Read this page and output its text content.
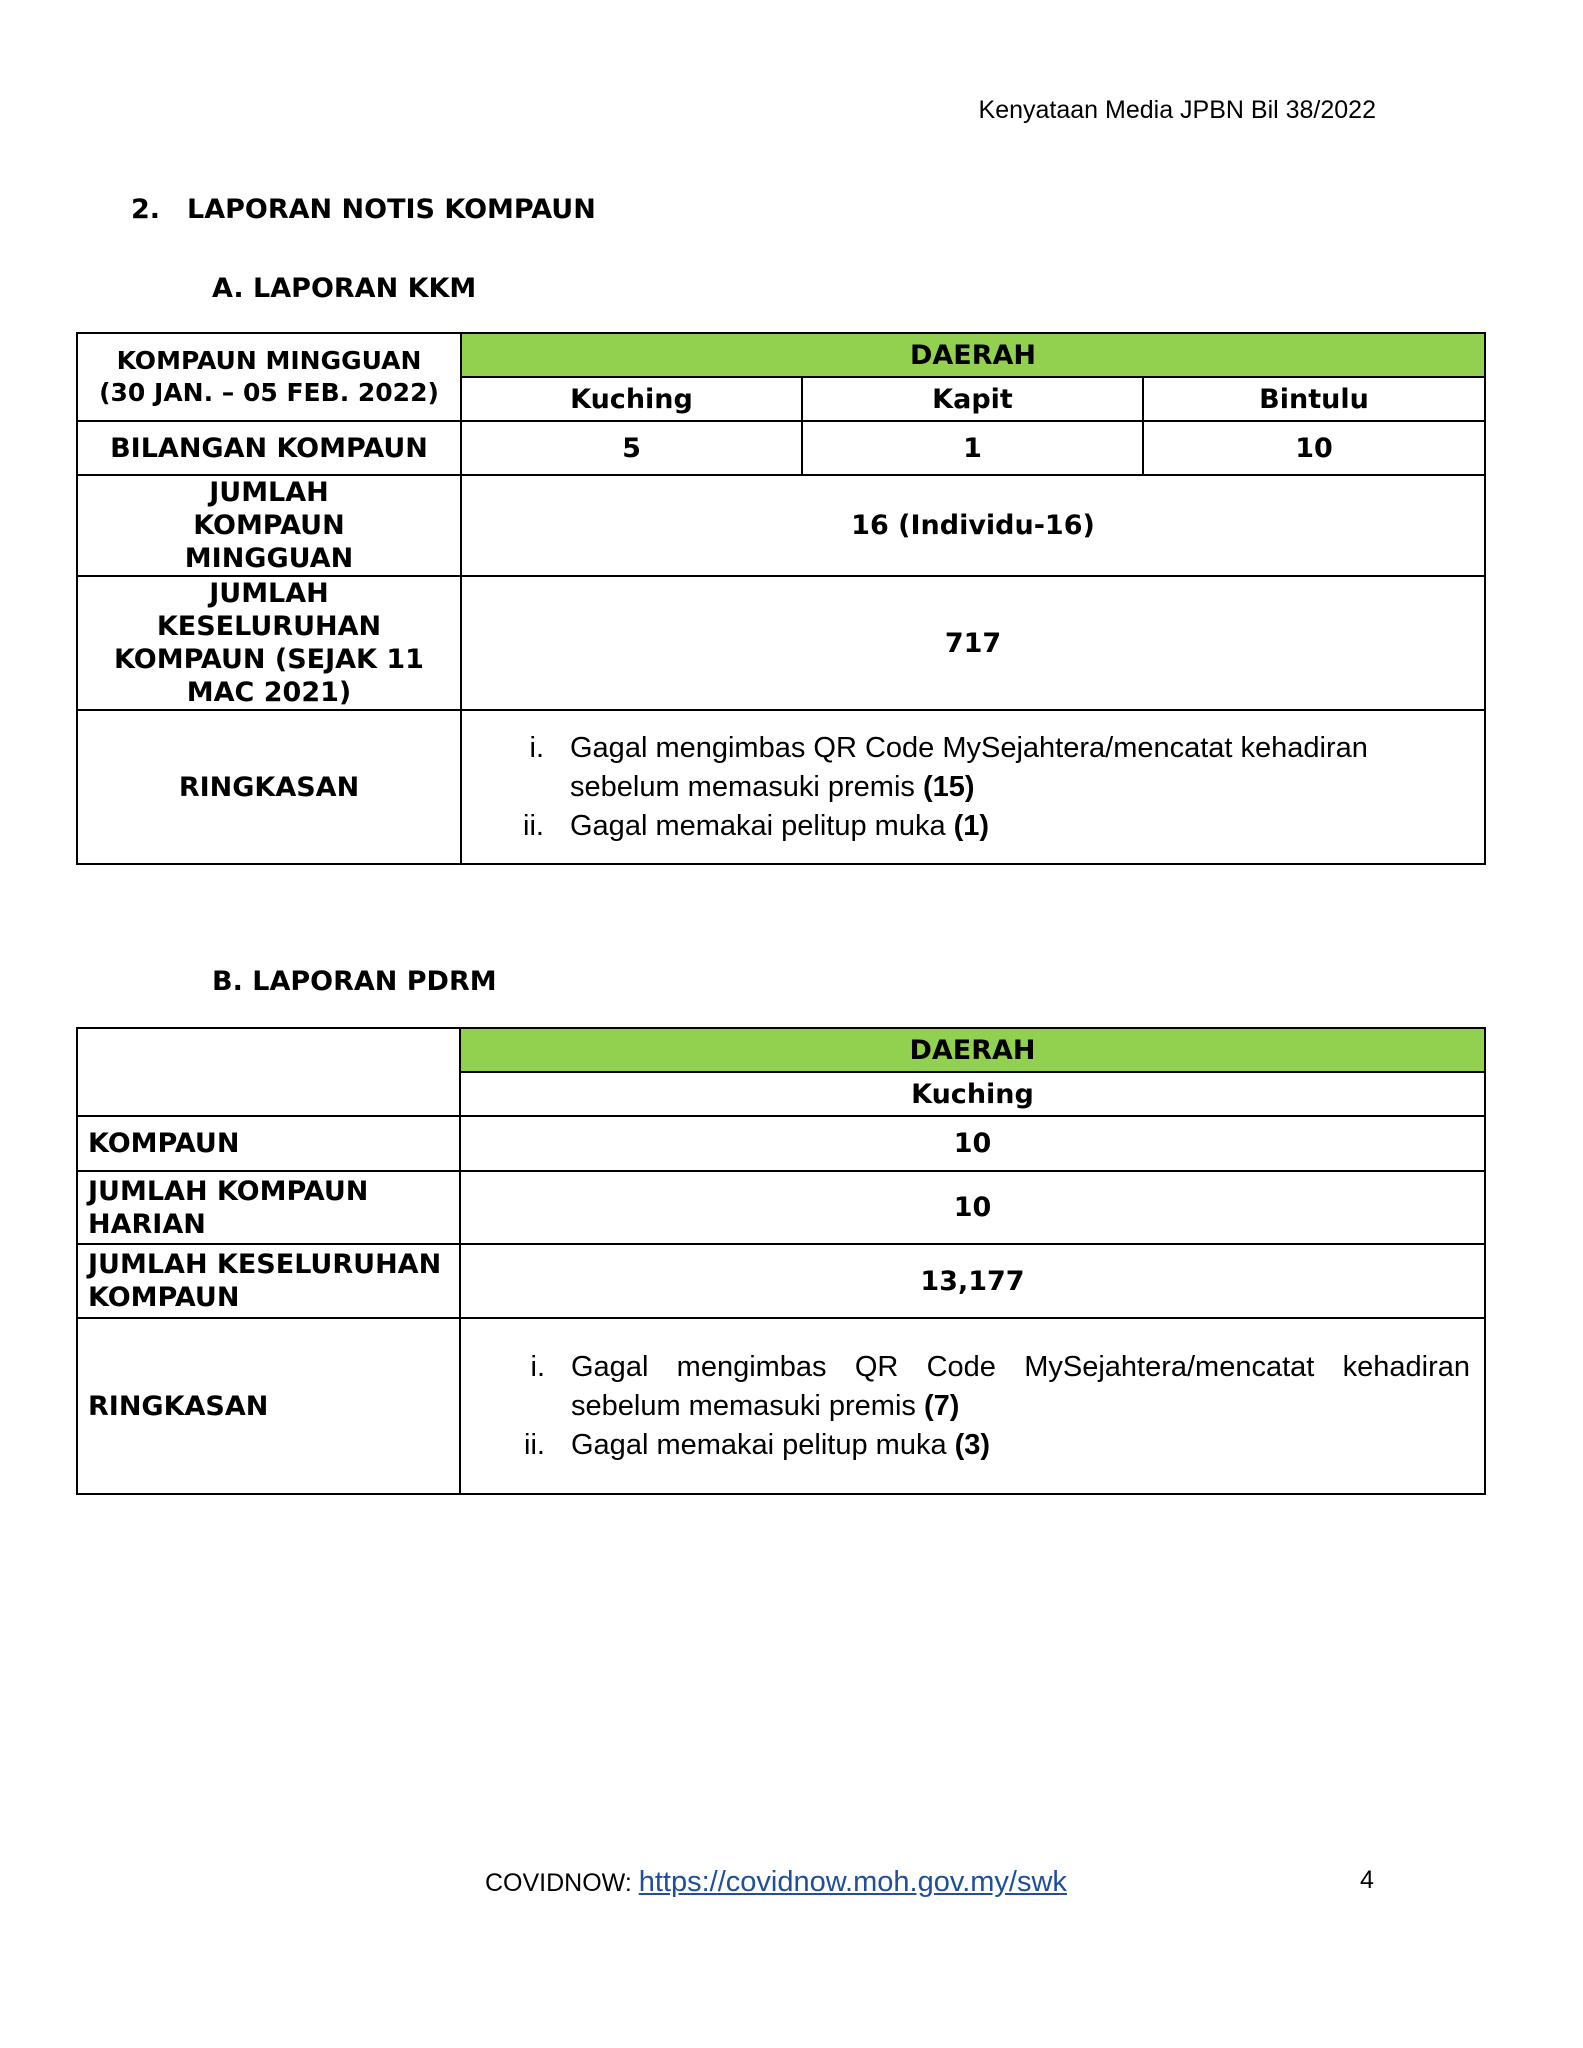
Kenyataan Media JPBN Bil 38/2022
2. LAPORAN NOTIS KOMPAUN
A. LAPORAN KKM
KOMPAUN MINGGUAN
(30 JAN. – 05 FEB. 2022)	DAERAH		
	Kuching	Kapit	Bintulu
BILANGAN KOMPAUN	5	1	10
JUMLAH KOMPAUN MINGGUAN	16 (Individu-16)		
JUMLAH KESELURUHAN KOMPAUN (SEJAK 11 MAC 2021)	717		
RINGKASAN	i. Gagal mengimbas QR Code MySejahtera/mencatat kehadiran sebelum memasuki premis (15)
ii. Gagal memakai pelitup muka (1)		
B. LAPORAN PDRM
	DAERAH
	Kuching
KOMPAUN	10
JUMLAH KOMPAUN HARIAN	10
JUMLAH KESELURUHAN KOMPAUN	13,177
RINGKASAN	i. Gagal mengimbas QR Code MySejahtera/mencatat kehadiran sebelum memasuki premis (7)
ii. Gagal memakai pelitup muka (3)
COVIDNOW: https://covidnow.moh.gov.my/swk	4
